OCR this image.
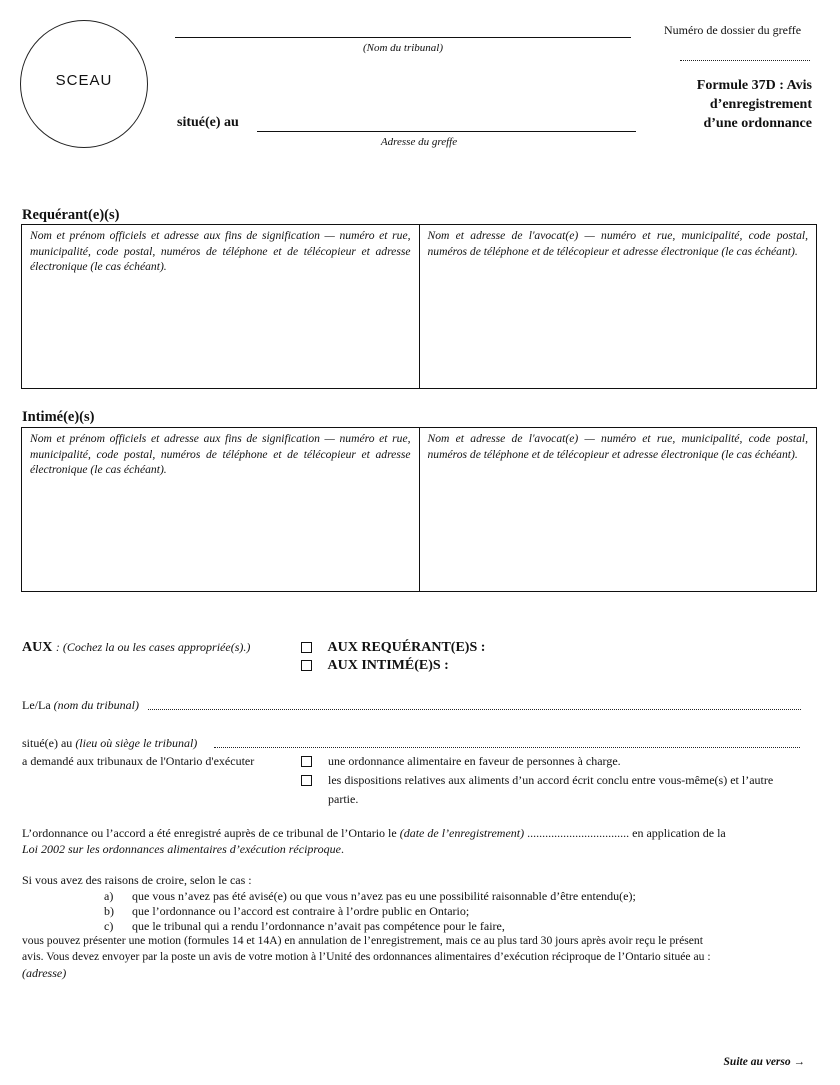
SCEAU
(Nom du tribunal)
situé(e) au
Adresse du greffe
Numéro de dossier du greffe
Formule 37D : Avis
d’enregistrement
d’une ordonnance
Requérant(e)(s)
Nom et prénom officiels et adresse aux fins de signification — numéro et rue, municipalité, code postal, numéros de téléphone et de télécopieur et adresse électronique (le cas échéant).
Nom et adresse de l'avocat(e) — numéro et rue, municipalité, code postal, numéros de téléphone et de télécopieur et adresse électronique (le cas échéant).
Intimé(e)(s)
Nom et prénom officiels et adresse aux fins de signification — numéro et rue, municipalité, code postal, numéros de téléphone et de télécopieur et adresse électronique (le cas échéant).
Nom et adresse de l'avocat(e) — numéro et rue, municipalité, code postal, numéros de téléphone et de télécopieur et adresse électronique (le cas échéant).
AUX : (Cochez la ou les cases appropriée(s).)	AUX REQUÉRANT(E)S :
AUX INTIMÉ(E)S :
Le/La (nom du tribunal)
situé(e) au (lieu où siège le tribunal)
a demandé aux tribunaux de l'Ontario d'exécuter	une ordonnance alimentaire en faveur de personnes à charge.
les dispositions relatives aux aliments d’un accord écrit conclu entre vous-même(s) et l’autre
partie.
L’ordonnance ou l’accord a été enregistré auprès de ce tribunal de l’Ontario le (date de l’enregistrement) .................................. en application de la
Loi 2002 sur les ordonnances alimentaires d’exécution réciproque.
Si vous avez des raisons de croire, selon le cas :
a) que vous n’avez pas été avisé(e) ou que vous n’avez pas eu une possibilité raisonnable d’être entendu(e);
b) que l’ordonnance ou l’accord est contraire à l’ordre public en Ontario;
c) que le tribunal qui a rendu l’ordonnance n’avait pas compétence pour le faire,
vous pouvez présenter une motion (formules 14 et 14A) en annulation de l’enregistrement, mais ce au plus tard 30 jours après avoir reçu le présent
avis. Vous devez envoyer par la poste un avis de votre motion à l’Unité des ordonnances alimentaires d’exécution réciproque de l’Ontario située au :
(adresse)
Suite au verso →
